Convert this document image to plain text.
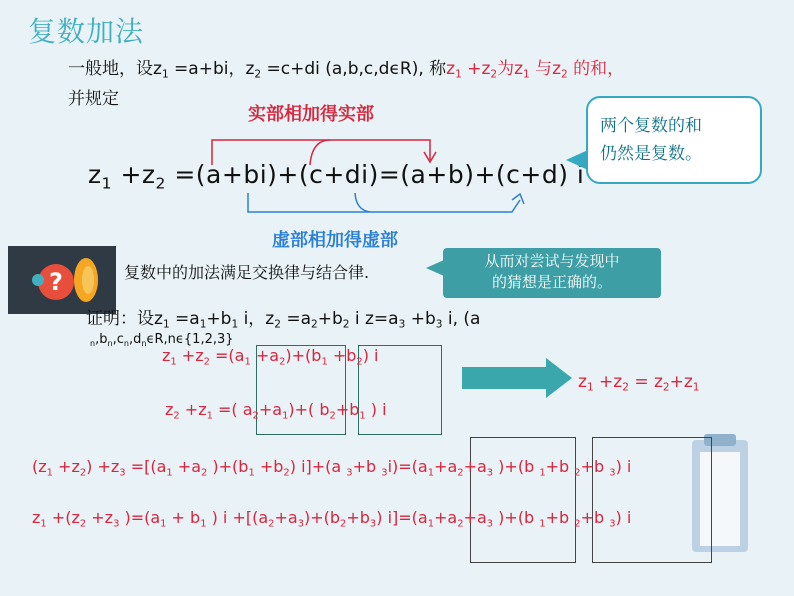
复数加法
一般地，设$z_1 =a+bi$，$z_2 =c+di$ (a,b,c,dϵR), 称$z_1 +z_2$为$z_1$ 与$z_2$ 的和，
并规定
实部相加得实部
$z_1 +z_2 =(a+bi)+(c+di)=(a+b)+(c+d)$ i
虚部相加得虚部
两个复数的和
仍然是复数。
?	复数中的加法满足交换律与结合律.
从而对尝试与发现中
的猜想是正确的。
证明：设$z_1 =a_1+b_1$ i，$z_2 =a_2+b_2$ i $z=a_3 +b_3$ i, (a
$_n,b_n,c_n,d_n\epsilon R,n\epsilon\{1,2,3\}$
$z_1 +z_2 =(a_1 +a_2)+(b_1 +b_2)$ i
$z_2 +z_1$ =( $a_2+a_1)+$( $b_2+b_1$ ) i
$z_1 +z_2 = z_2+z_1$
$(z_1 +z_2) +z_3 =[(a_1 +a_2$ )$+(b_1 +b_2)$ i]+(a $_3$+b $_3i)=(a_1+a_2+a_3$ )+(b $_1$+b $_2$+b $_3$) i
$z_1 +(z_2 +z_3$ )$=(a_1 + b_1$ ) $i +[(a_2+a_3)+(b_2+b_3)$ $i]=(a_1+a_2+a_3$ )+(b $_1$+b $_2$+b $_3$) i
